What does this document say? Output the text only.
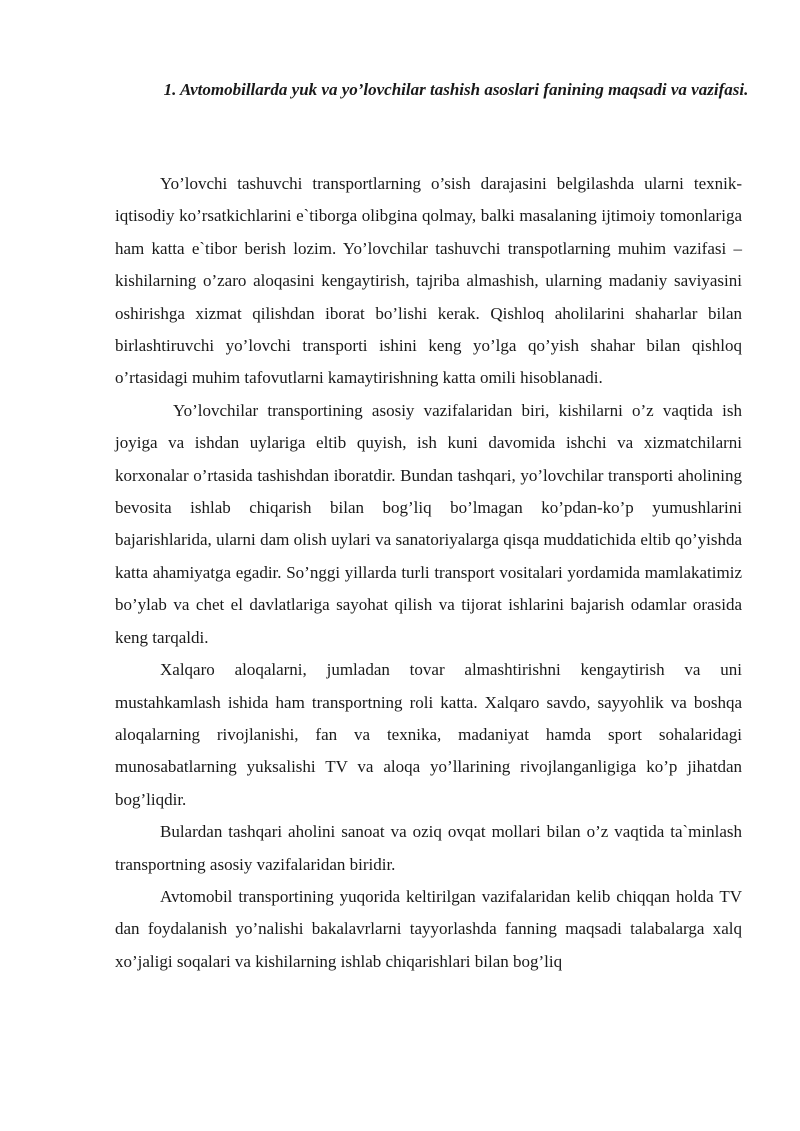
1. Avtomobillarda yuk va yo’lovchilar tashish asoslari fanining maqsadi va vazifasi.

Yo’lovchi tashuvchi transportlarning o’sish darajasini belgilashda ularni texnik-iqtisodiy ko’rsatkichlarini e`tiborga olibgina qolmay, balki masalaning ijtimoiy tomonlariga ham katta e`tibor berish lozim. Yo’lovchilar tashuvchi transpotlarning muhim vazifasi – kishilarning o’zaro aloqasini kengaytirish, tajriba almashish, ularning madaniy saviyasini oshirishga xizmat qilishdan iborat bo’lishi kerak. Qishloq aholilarini shaharlar bilan birlashtiruvchi yo’lovchi transporti ishini keng yo’lga qo’yish shahar bilan qishloq o’rtasidagi muhim tafovutlarni kamaytirishning katta omili hisoblanadi.

Yo’lovchilar transportining asosiy vazifalaridan biri, kishilarni o’z vaqtida ish joyiga va ishdan uylariga eltib quyish, ish kuni davomida ishchi va xizmatchilarni korxonalar o’rtasida tashishdan iboratdir. Bundan tashqari, yo’lovchilar transporti aholining bevosita ishlab chiqarish bilan bog’liq bo’lmagan ko’pdan-ko’p yumushlarini bajarishlarida, ularni dam olish uylari va sanatoriyalarga qisqa muddatichida eltib qo’yishda katta ahamiyatga egadir. So’nggi yillarda turli transport vositalari yordamida mamlakatimiz bo’ylab va chet el davlatlariga sayohat qilish va tijorat ishlarini bajarish odamlar orasida keng tarqaldi.

Xalqaro aloqalarni, jumladan tovar almashtirishni kengaytirish va uni mustahkamlash ishida ham transportning roli katta. Xalqaro savdo, sayyohlik va boshqa aloqalarning rivojlanishi, fan va texnika, madaniyat hamda sport sohalaridagi munosabatlarning yuksalishi TV va aloqa yo’llarining rivojlanganligiga ko’p jihatdan bog’liqdir.

Bulardan tashqari aholini sanoat va oziq ovqat mollari bilan o’z vaqtida ta`minlash transportning asosiy vazifalaridan biridir.

Avtomobil transportining yuqorida keltirilgan vazifalaridan kelib chiqqan holda TV dan foydalanish yo’nalishi bakalavrlarni tayyorlashda fanning maqsadi talabalarga xalq xo’jaligi soqalari va kishilarning ishlab chiqarishlari bilan bog’liq
